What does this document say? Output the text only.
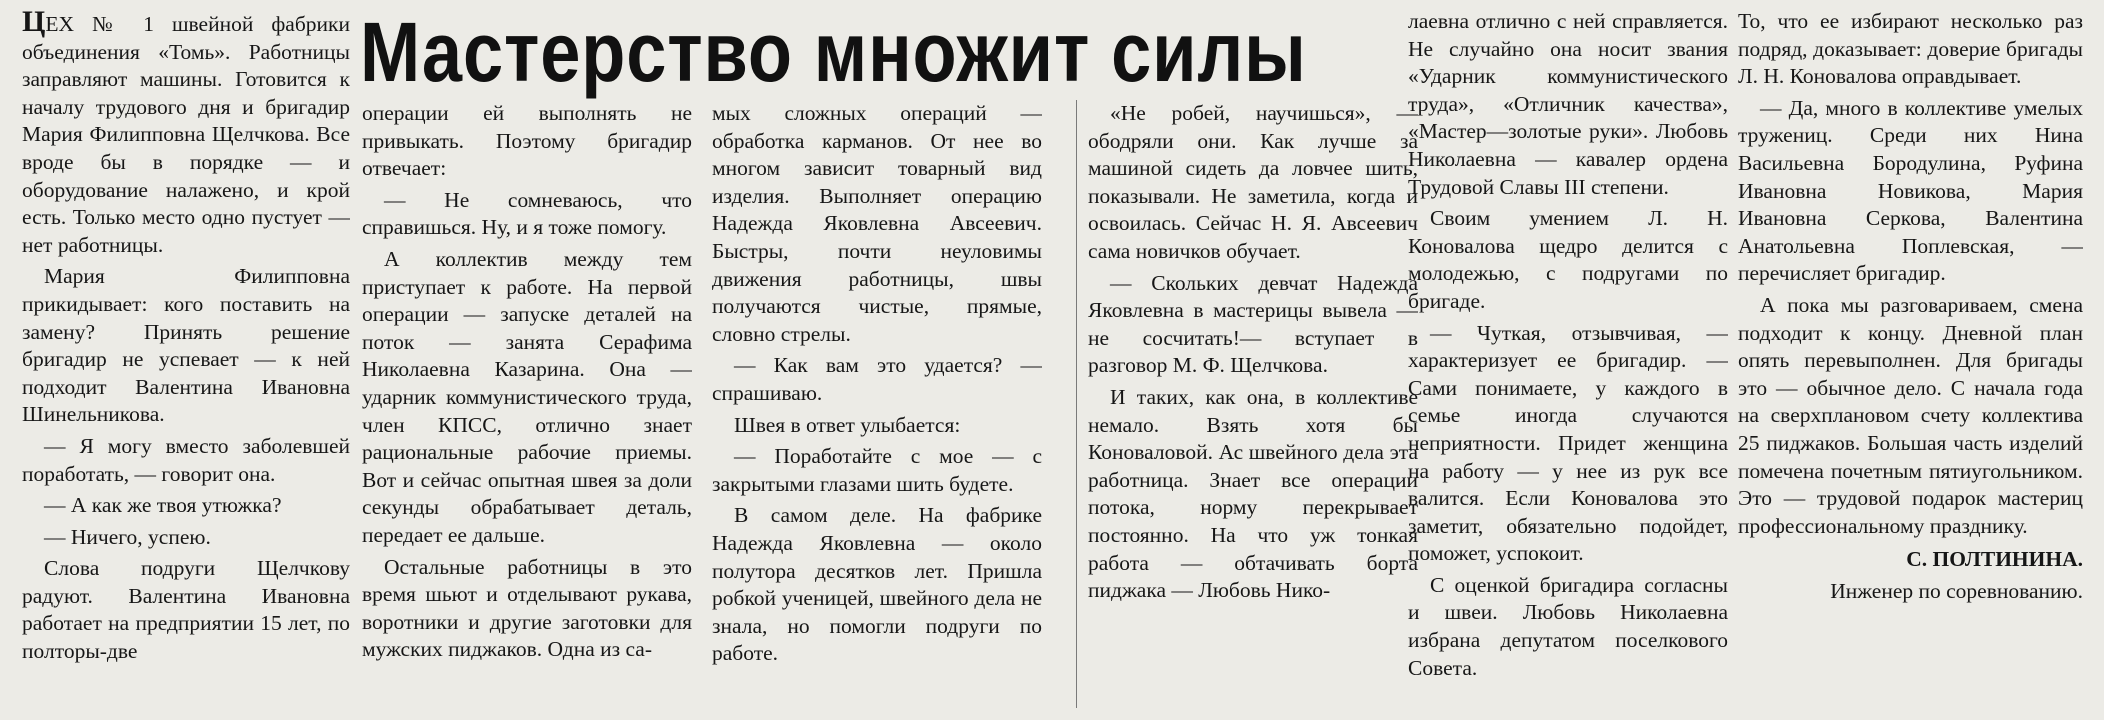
Мастерство множит силы

ЦЕХ № 1 швейной фабрики объединения «Томь». Работницы заправляют машины. Готовится к началу трудового дня и бригадир Мария Филипповна Щелчкова. Все вроде бы в порядке — и оборудование налажено, и крой есть. Только место одно пустует — нет работницы.

Мария Филипповна прикидывает: кого поставить на замену? Принять решение бригадир не успевает — к ней подходит Валентина Ивановна Шинельникова.

— Я могу вместо заболевшей поработать, — говорит она.

— А как же твоя утюжка?

— Ничего, успею.

Слова подруги Щелчкову радуют. Валентина Ивановна работает на предприятии 15 лет, по полторы-две

операции ей выполнять не привыкать. Поэтому бригадир отвечает:

— Не сомневаюсь, что справишься. Ну, и я тоже помогу.

А коллектив между тем приступает к работе. На первой операции — запуске деталей на поток — занята Серафима Николаевна Казарина. Она — ударник коммунистического труда, член КПСС, отлично знает рациональные рабочие приемы. Вот и сейчас опытная швея за доли секунды обрабатывает деталь, передает ее дальше.

Остальные работницы в это время шьют и отделывают рукава, воротники и другие заготовки для мужских пиджаков. Одна из са-

мых сложных операций — обработка карманов. От нее во многом зависит товарный вид изделия. Выполняет операцию Надежда Яковлевна Авсеевич. Быстры, почти неуловимы движения работницы, швы получаются чистые, прямые, словно стрелы.

— Как вам это удается? — спрашиваю.

Швея в ответ улыбается:

— Поработайте с мое — с закрытыми глазами шить будете.

В самом деле. На фабрике Надежда Яковлевна — около полутора десятков лет. Пришла робкой ученицей, швейного дела не знала, но помогли подруги по работе.

«Не робей, научишься», — ободряли они. Как лучше за машиной сидеть да ловчее шить, показывали. Не заметила, когда и освоилась. Сейчас Н. Я. Авсеевич сама новичков обучает.

— Скольких девчат Надежда Яковлевна в мастерицы вывела — не сосчитать!— вступает в разговор М. Ф. Щелчкова.

И таких, как она, в коллективе немало. Взять хотя бы Коноваловой. Ас швейного дела эта работница. Знает все операции потока, норму перекрывает постоянно. На что уж тонкая работа — обтачивать борта пиджака — Любовь Нико-

лаевна отлично с ней справляется. Не случайно она носит звания «Ударник коммунистического труда», «Отличник качества», «Мастер—золотые руки». Любовь Николаевна — кавалер ордена Трудовой Славы III степени.

Своим умением Л. Н. Коновалова щедро делится с молодежью, с подругами по бригаде.

— Чуткая, отзывчивая, — характеризует ее бригадир. — Сами понимаете, у каждого в семье иногда случаются неприятности. Придет женщина на работу — у нее из рук все валится. Если Коновалова это заметит, обязательно подойдет, поможет, успокоит.

С оценкой бригадира согласны и швеи. Любовь Николаевна избрана депутатом поселкового Совета.

То, что ее избирают несколько раз подряд, доказывает: доверие бригады Л. Н. Коновалова оправдывает.

— Да, много в коллективе умелых тружениц. Среди них Нина Васильевна Бородулина, Руфина Ивановна Новикова, Мария Ивановна Серкова, Валентина Анатольевна Поплевская, — перечисляет бригадир.

А пока мы разговариваем, смена подходит к концу. Дневной план опять перевыполнен. Для бригады это — обычное дело. С начала года на сверхплановом счету коллектива 25 пиджаков. Большая часть изделий помечена почетным пятиугольником. Это — трудовой подарок мастериц профессиональному празднику.

С. ПОЛТИНИНА.

Инженер по соревнованию.
